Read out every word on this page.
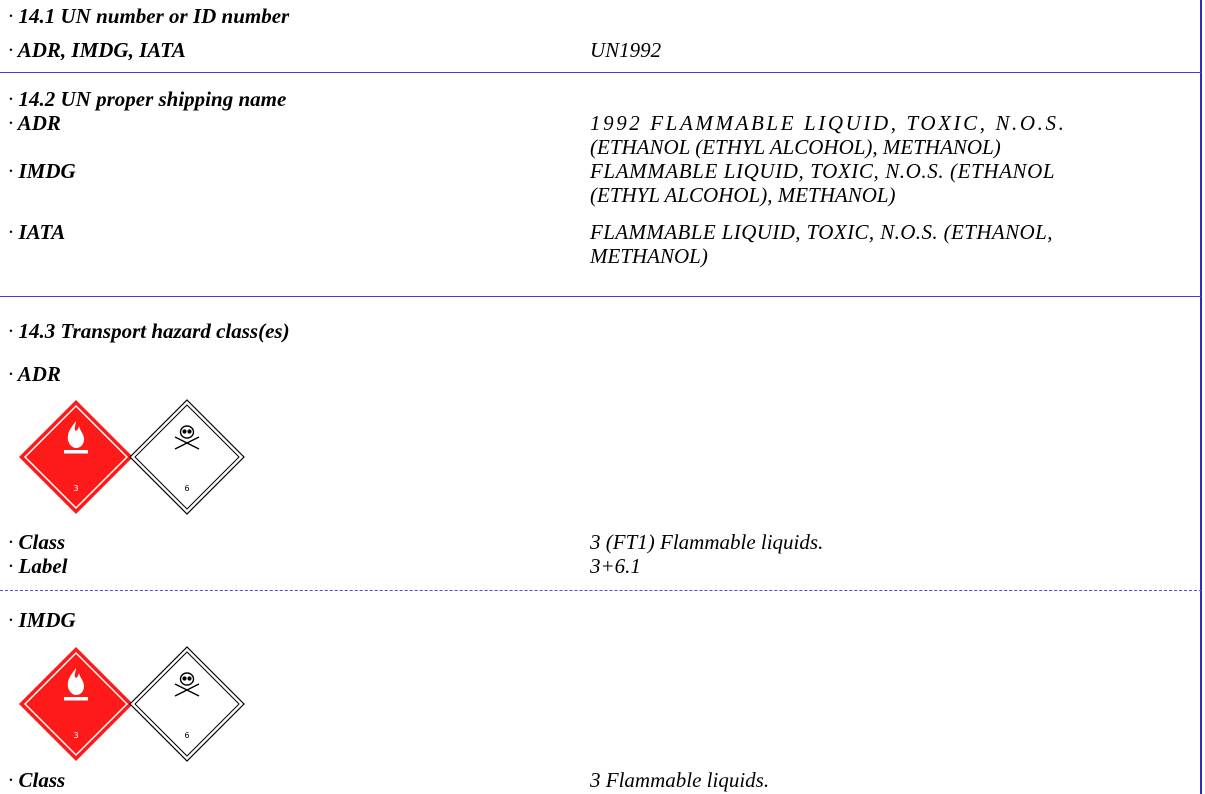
· 14.1 UN number or ID number
· ADR, IMDG, IATA	UN1992
· 14.2 UN proper shipping name
· ADR	1992 FLAMMABLE LIQUID, TOXIC, N.O.S.
(ETHANOL (ETHYL ALCOHOL), METHANOL)
· IMDG	FLAMMABLE LIQUID, TOXIC, N.O.S. (ETHANOL
(ETHYL ALCOHOL), METHANOL)
· IATA	FLAMMABLE LIQUID, TOXIC, N.O.S. (ETHANOL,
METHANOL)
· 14.3 Transport hazard class(es)
· ADR
3	6
· Class	3 (FT1) Flammable liquids.
· Label	3+6.1
· IMDG
3	6
· Class	3 Flammable liquids.
